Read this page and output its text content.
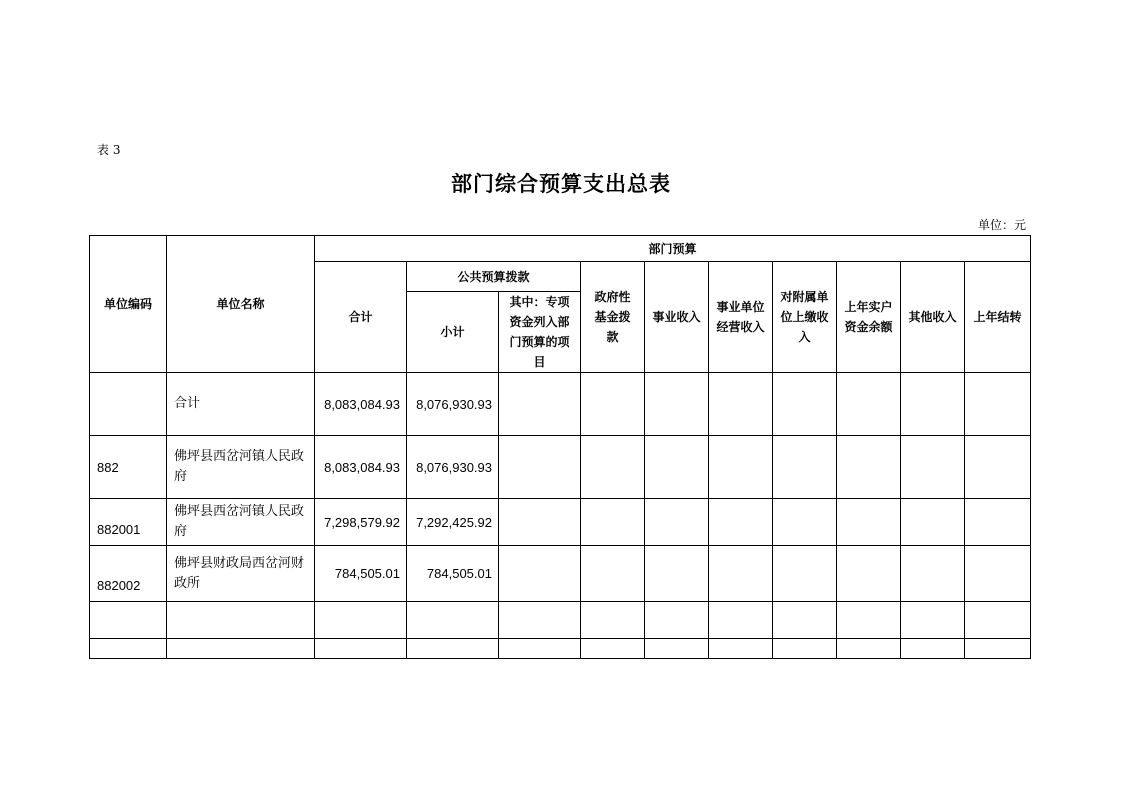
表 3
部门综合预算支出总表
单位：元
单位编码	单位名称	部门预算									
		合计	公共预算拨款		政府性基金拨款	事业收入	事业单位经营收入	对附属单位上缴收入	上年实户资金余额	其他收入	上年结转
			小计	其中：专项资金列入部门预算的项目							
	合计	8,083,084.93	8,076,930.93								
882	佛坪县西岔河镇人民政府	8,083,084.93	8,076,930.93								
882001	佛坪县西岔河镇人民政府	7,298,579.92	7,292,425.92								
882002	佛坪县财政局西岔河财政所	784,505.01	784,505.01								
